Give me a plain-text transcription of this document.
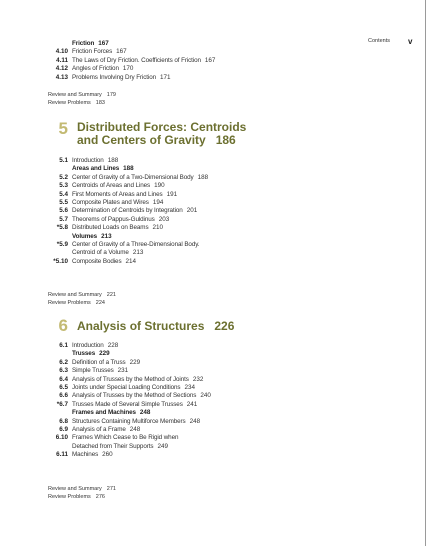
Contents v
Friction 167
4.10 Friction Forces 167
4.11 The Laws of Dry Friction. Coefficients of Friction 167
4.12 Angles of Friction 170
4.13 Problems Involving Dry Friction 171
Review and Summary 179
Review Problems 183
5 Distributed Forces: Centroids
and Centers of Gravity 186
5.1 Introduction 188
Areas and Lines 188
5.2 Center of Gravity of a Two-Dimensional Body 188
5.3 Centroids of Areas and Lines 190
5.4 First Moments of Areas and Lines 191
5.5 Composite Plates and Wires 194
5.6 Determination of Centroids by Integration 201
5.7 Theorems of Pappus-Guldinus 203
*5.8 Distributed Loads on Beams 210
Volumes 213
*5.9 Center of Gravity of a Three-Dimensional Body.
Centroid of a Volume 213
*5.10 Composite Bodies 214
Review and Summary 221
Review Problems 224
6 Analysis of Structures 226
6.1 Introduction 228
Trusses 229
6.2 Definition of a Truss 229
6.3 Simple Trusses 231
6.4 Analysis of Trusses by the Method of Joints 232
6.5 Joints under Special Loading Conditions 234
6.6 Analysis of Trusses by the Method of Sections 240
*6.7 Trusses Made of Several Simple Trusses 241
Frames and Machines 248
6.8 Structures Containing Multiforce Members 248
6.9 Analysis of a Frame 248
6.10 Frames Which Cease to Be Rigid when
Detached from Their Supports 249
6.11 Machines 260
Review and Summary 271
Review Problems 276
